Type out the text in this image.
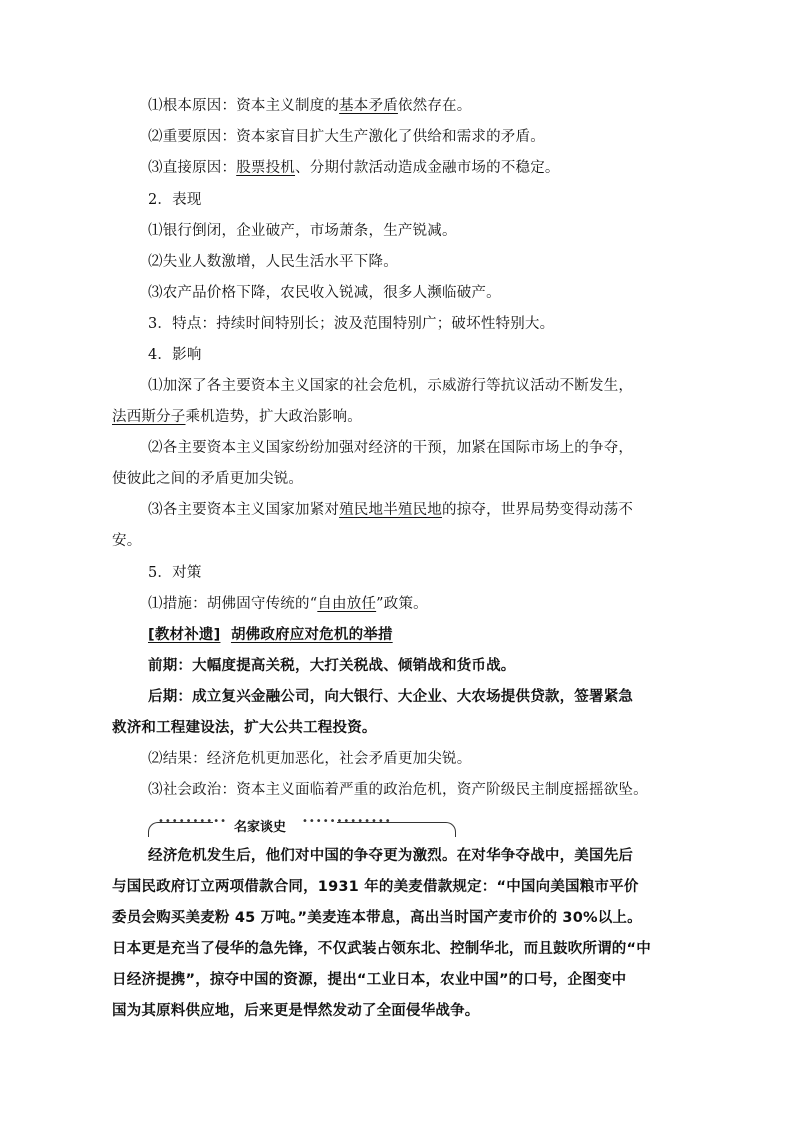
⑴根本原因：资本主义制度的基本矛盾依然存在。
⑵重要原因：资本家盲目扩大生产激化了供给和需求的矛盾。
⑶直接原因：股票投机、分期付款活动造成金融市场的不稳定。
2．表现
⑴银行倒闭，企业破产，市场萧条，生产锐减。
⑵失业人数激增，人民生活水平下降。
⑶农产品价格下降，农民收入锐减，很多人濒临破产。
3．特点：持续时间特别长；波及范围特别广；破坏性特别大。
4．影响
⑴加深了各主要资本主义国家的社会危机，示威游行等抗议活动不断发生，
法西斯分子乘机造势，扩大政治影响。
⑵各主要资本主义国家纷纷加强对经济的干预，加紧在国际市场上的争夺，
使彼此之间的矛盾更加尖锐。
⑶各主要资本主义国家加紧对殖民地半殖民地的掠夺，世界局势变得动荡不
安。
5．对策
⑴措施：胡佛固守传统的“自由放任”政策。
[教材补遗] 胡佛政府应对危机的举措
前期：大幅度提高关税，大打关税战、倾销战和货币战。
后期：成立复兴金融公司，向大银行、大企业、大农场提供贷款，签署紧急
救济和工程建设法，扩大公共工程投资。
⑵结果：经济危机更加恶化，社会矛盾更加尖锐。
⑶社会政治：资本主义面临着严重的政治危机，资产阶级民主制度摇摇欲坠。
•••••••••• 名家谈史 •••••••••••••
经济危机发生后，他们对中国的争夺更为激烈。在对华争夺战中，美国先后
与国民政府订立两项借款合同，1931 年的美麦借款规定：“中国向美国粮市平价
委员会购买美麦粉 45 万吨。”美麦连本带息，高出当时国产麦市价的 30%以上。
日本更是充当了侵华的急先锋，不仅武装占领东北、控制华北，而且鼓吹所谓的“中
日经济提携”，掠夺中国的资源，提出“工业日本，农业中国”的口号，企图变中
国为其原料供应地，后来更是悍然发动了全面侵华战争。
